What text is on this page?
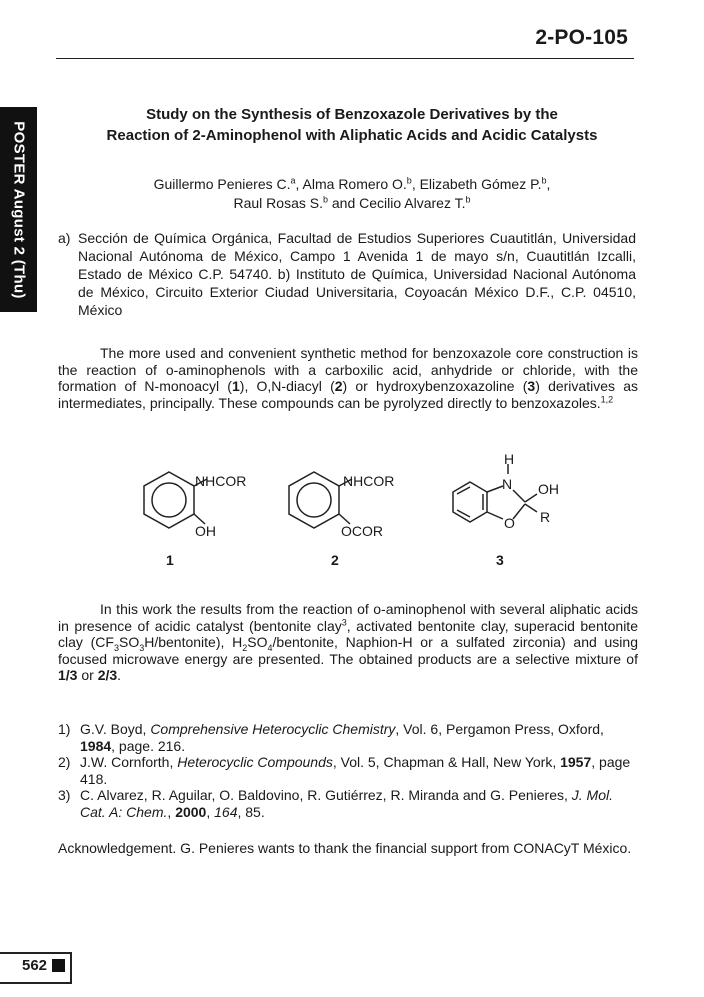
2-PO-105
POSTER August 2 (Thu)
Study on the Synthesis of Benzoxazole Derivatives by the
Reaction of 2-Aminophenol with Aliphatic Acids and Acidic Catalysts
Guillermo Penieres C.$^a$, Alma Romero O.$^b$, Elizabeth Gómez P.$^b$,
Raul Rosas S.$^b$ and Cecilio Alvarez T.$^b$
a) Sección de Química Orgánica, Facultad de Estudios Superiores Cuautitlán, Universidad Nacional Autónoma de México, Campo 1 Avenida 1 de mayo s/n, Cuautitlán Izcalli, Estado de México C.P. 54740. b) Instituto de Química, Universidad Nacional Autónoma de México, Circuito Exterior Ciudad Universitaria, Coyoacán México D.F., C.P. 04510, México
The more used and convenient synthetic method for benzoxazole core construction is the reaction of o-aminophenols with a carboxilic acid, anhydride or chloride, with the formation of N-monoacyl (1), O,N-diacyl (2) or hydroxybenzoxazoline (3) derivatives as intermediates, principally. These compounds can be pyrolyzed directly to benzoxazoles.$^{1,2}$
NHCOR
OH
NHCOR
OCOR
H
N OH
R
O
1	2	3
In this work the results from the reaction of o-aminophenol with several aliphatic acids in presence of acidic catalyst (bentonite clay$^3$, activated bentonite clay, superacid bentonite clay $(CF_3SO_3H/bentonite)$, $H_2SO_4$/bentonite, Naphion-H or a sulfated zirconia) and using focused microwave energy are presented. The obtained products are a selective mixture of 1/3 or 2/3.
1) G.V. Boyd, Comprehensive Heterocyclic Chemistry, Vol. 6, Pergamon Press, Oxford, 1984, page. 216.
2) J.W. Cornforth, Heterocyclic Compounds, Vol. 5, Chapman & Hall, New York, 1957, page 418.
3) C. Alvarez, R. Aguilar, O. Baldovino, R. Gutiérrez, R. Miranda and G. Penieres, J. Mol. Cat. A: Chem., 2000, 164, 85.
Acknowledgement. G. Penieres wants to thank the financial support from CONACyT México.
562
